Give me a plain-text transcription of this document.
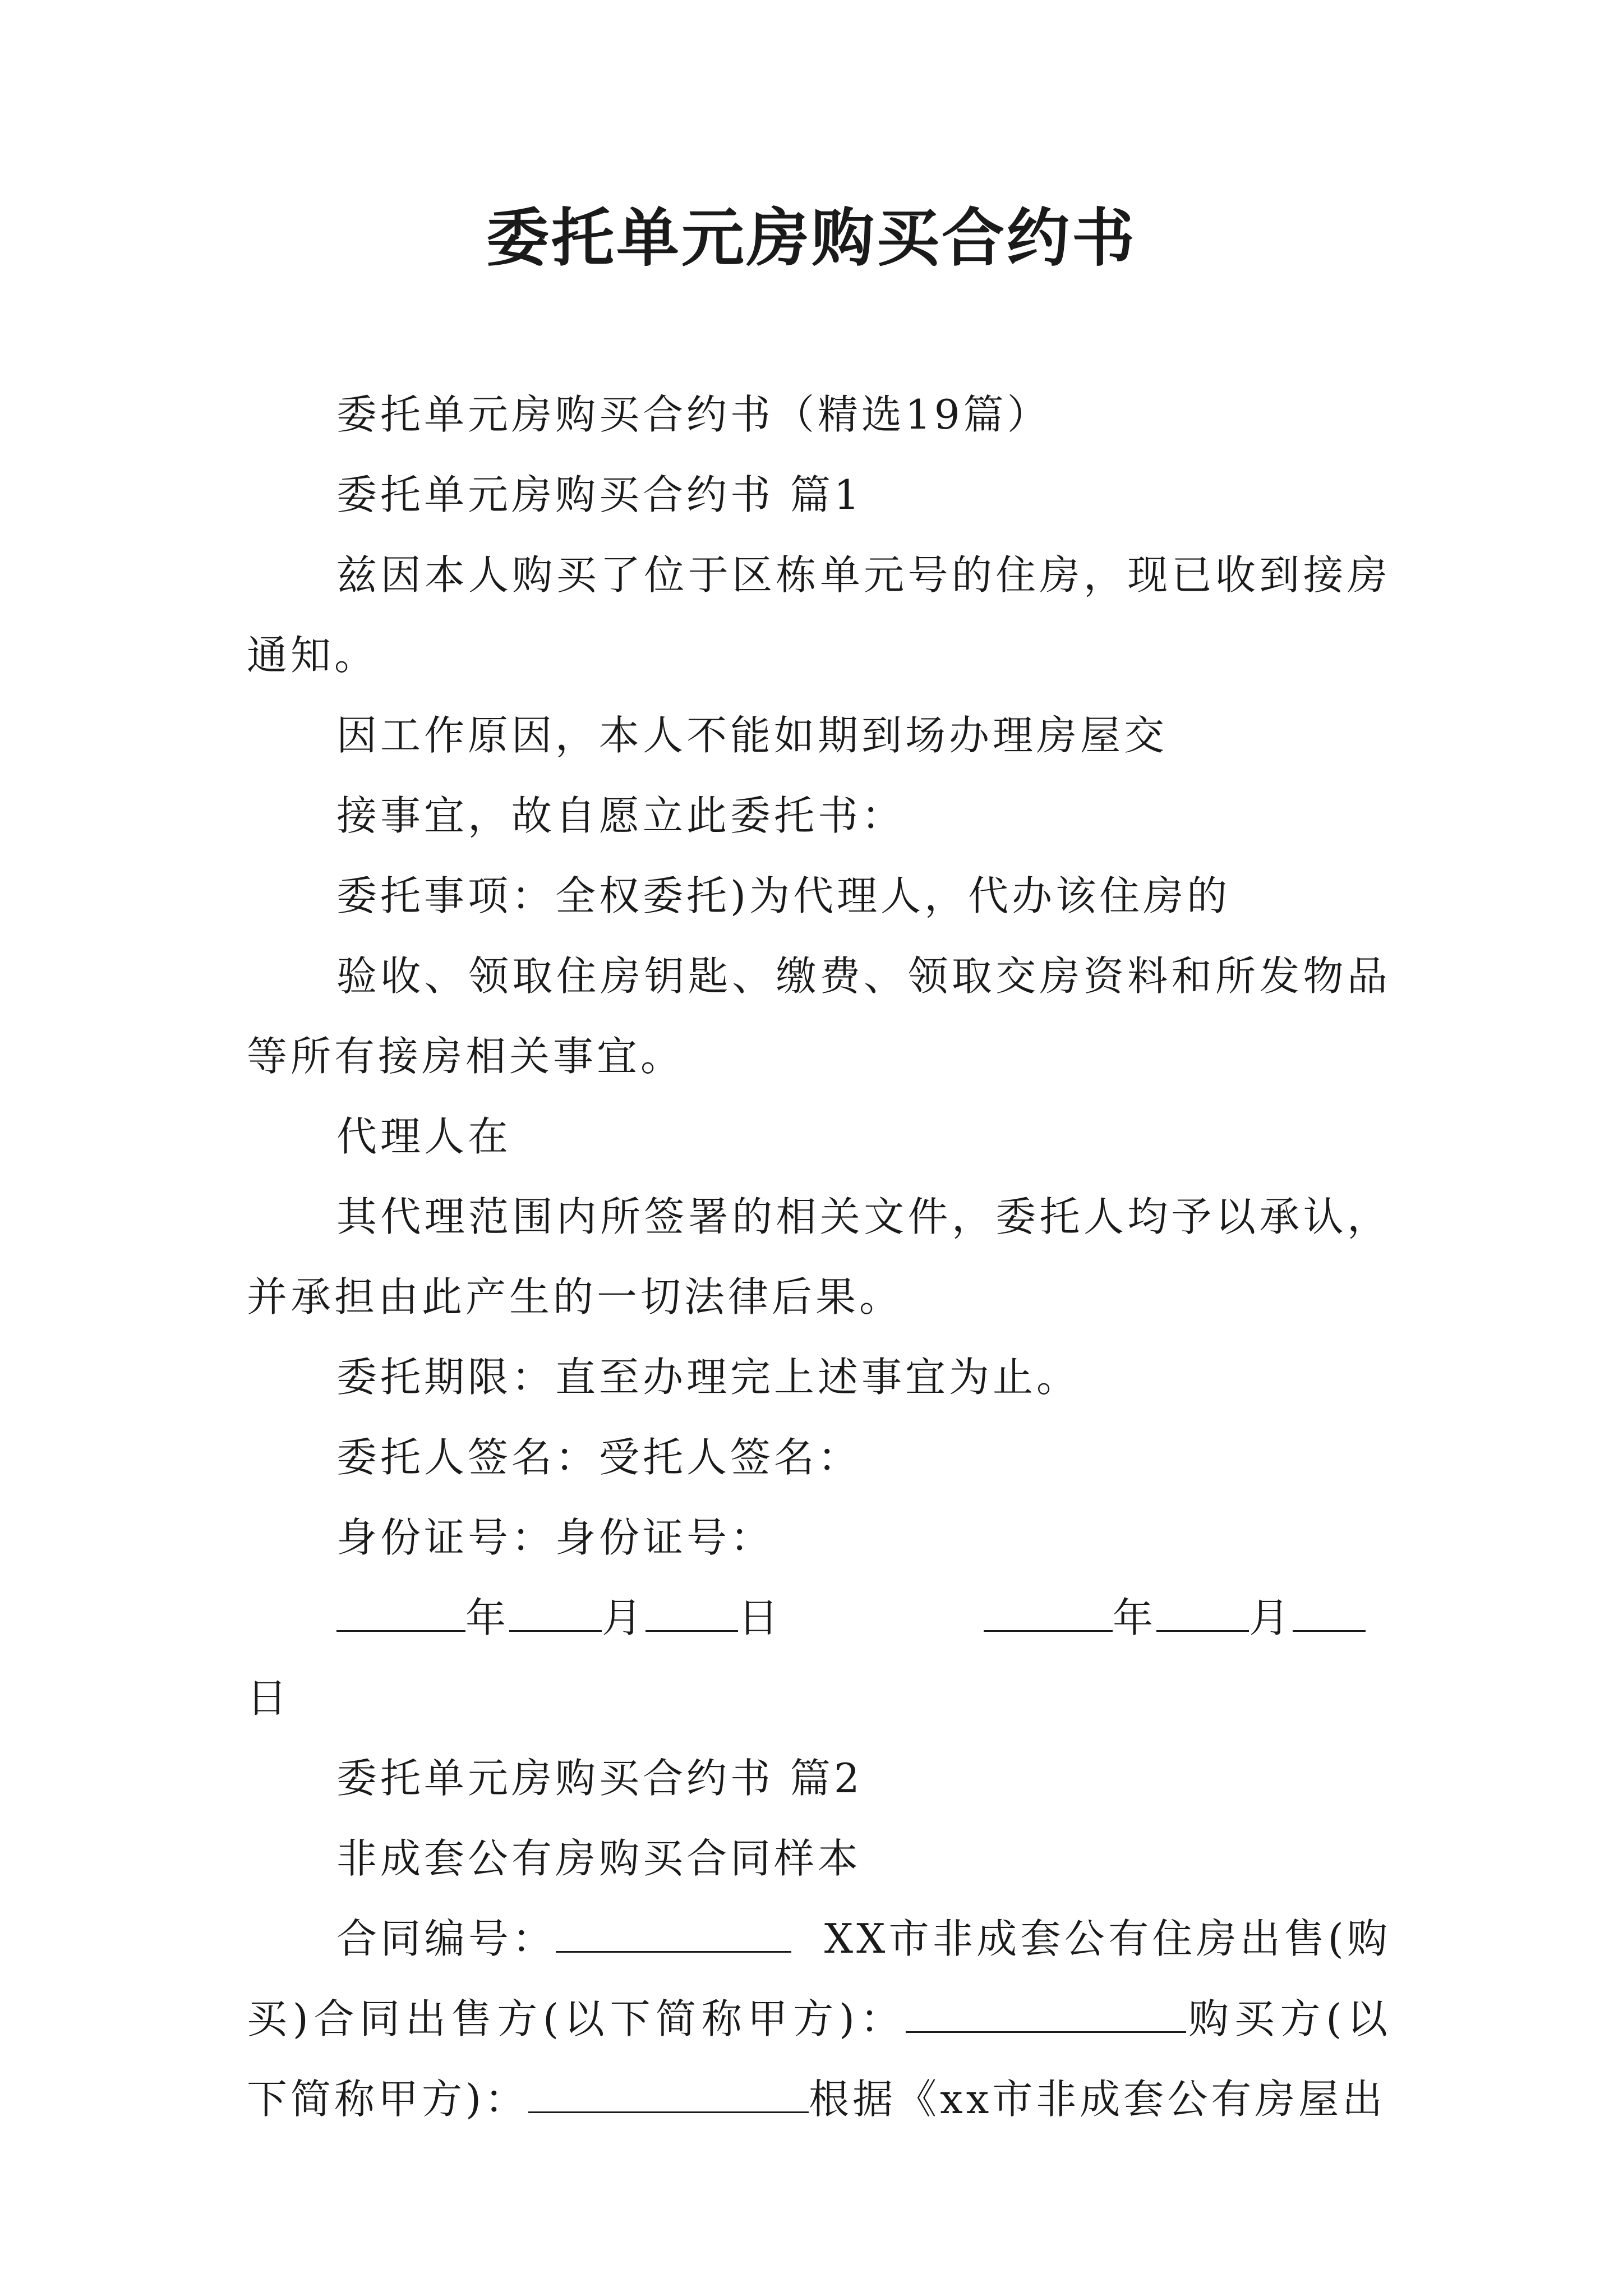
委托单元房购买合约书

委托单元房购买合约书（精选19篇）

委托单元房购买合约书 篇1

兹因本人购买了位于区栋单元号的住房，现已收到接房通知。

因工作原因，本人不能如期到场办理房屋交

接事宜，故自愿立此委托书：

委托事项：全权委托)为代理人，代办该住房的

验收、领取住房钥匙、缴费、领取交房资料和所发物品等所有接房相关事宜。

代理人在

其代理范围内所签署的相关文件，委托人均予以承认，并承担由此产生的一切法律后果。

委托期限：直至办理完上述事宜为止。

委托人签名：受托人签名：

身份证号：身份证号：

年 月 日	年 月

日

委托单元房购买合约书 篇2

非成套公有房购买合同样本

合同编号：	XX市非成套公有住房出售(购买)合同出售方(以下简称甲方)：	购买方(以下简称甲方)：	根据《xx市非成套公有房屋出
